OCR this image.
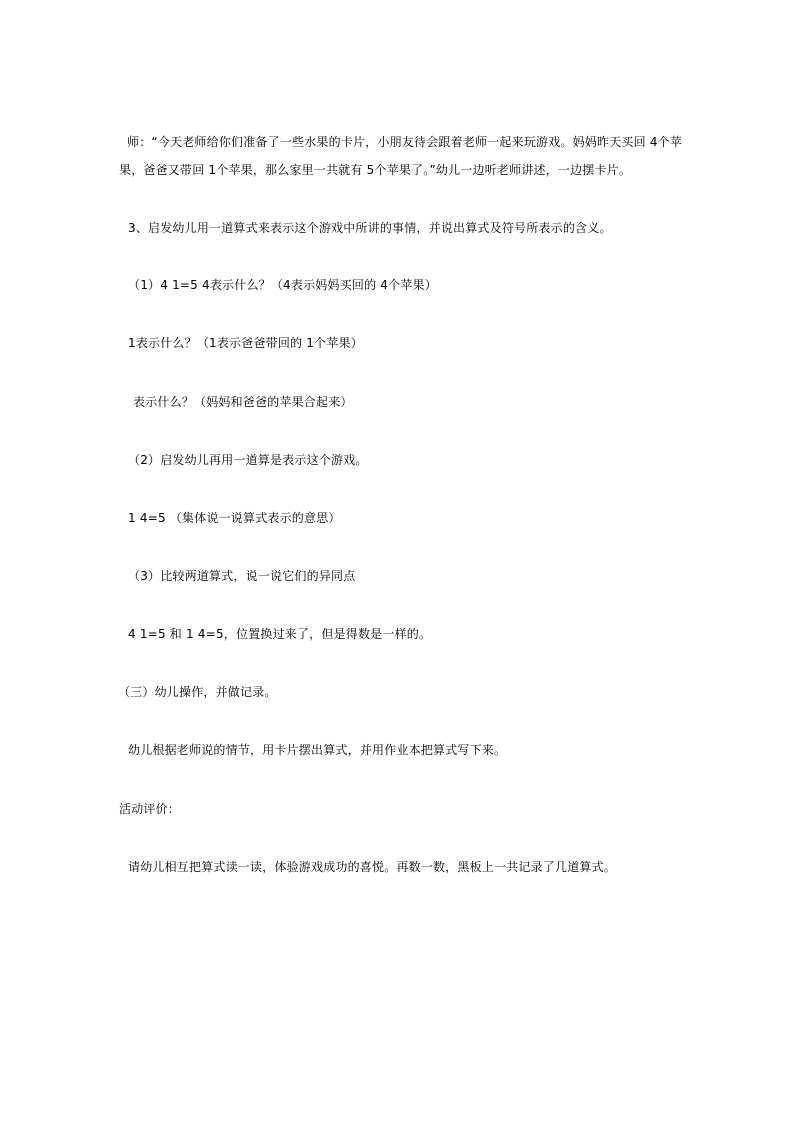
师：“今天老师给你们准备了一些水果的卡片，小朋友待会跟着老师一起来玩游戏。妈妈昨天买回 4个苹
果，爸爸又带回 1个苹果，那么家里一共就有 5个苹果了。”幼儿一边听老师讲述，一边摆卡片。
3、启发幼儿用一道算式来表示这个游戏中所讲的事情，并说出算式及符号所表示的含义。
（1）4 1=5 4表示什么？（4表示妈妈买回的 4个苹果）
1表示什么？（1表示爸爸带回的 1个苹果）
表示什么？（妈妈和爸爸的苹果合起来）
（2）启发幼儿再用一道算是表示这个游戏。
1 4=5 （集体说一说算式表示的意思）
（3）比较两道算式，说一说它们的异同点
4 1=5 和 1 4=5，位置换过来了，但是得数是一样的。
（三）幼儿操作，并做记录。
幼儿根据老师说的情节，用卡片摆出算式，并用作业本把算式写下来。
活动评价：
请幼儿相互把算式读一读，体验游戏成功的喜悦。再数一数，黑板上一共记录了几道算式。
